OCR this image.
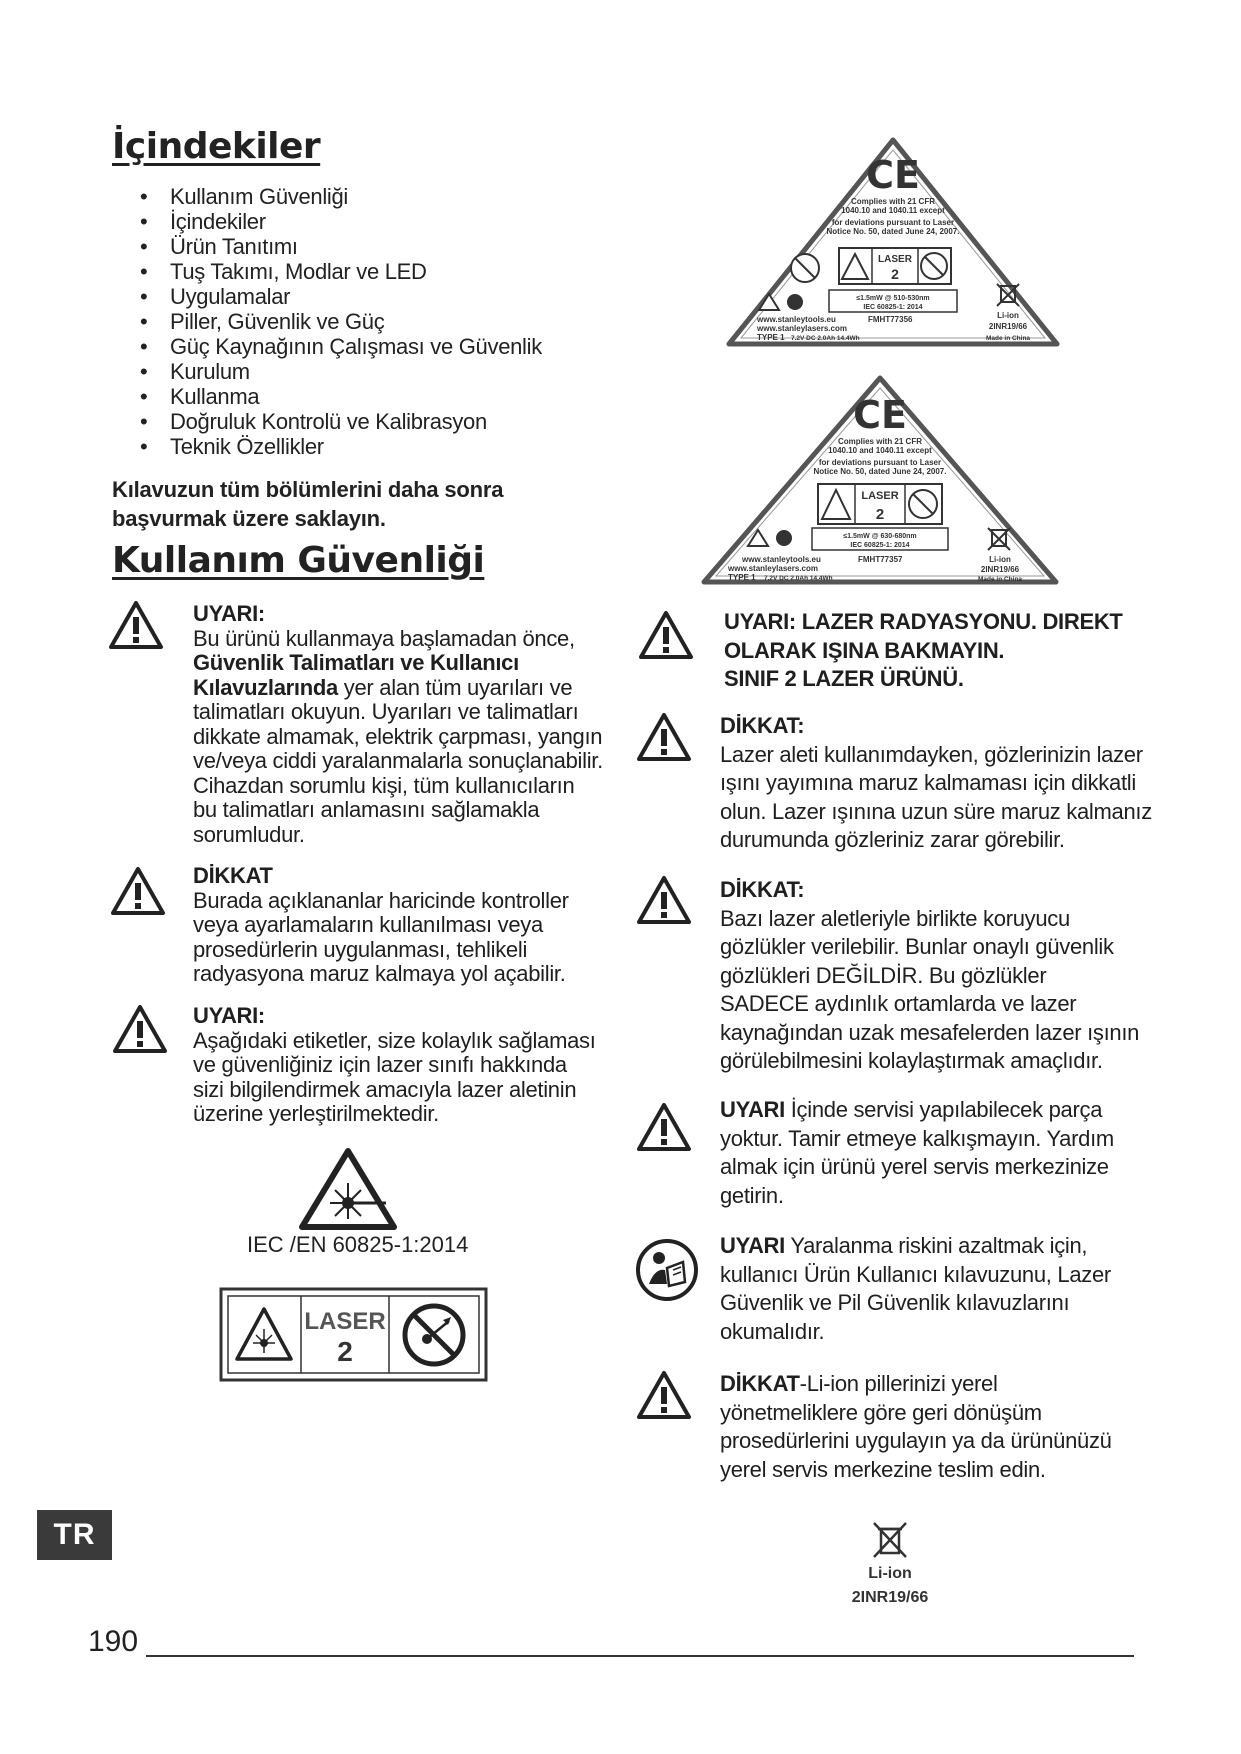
İçindekiler
• Kullanım Güvenliği
• İçindekiler
• Ürün Tanıtımı
• Tuş Takımı, Modlar ve LED
• Uygulamalar
• Piller, Güvenlik ve Güç
• Güç Kaynağının Çalışması ve Güvenlik
• Kurulum
• Kullanma
• Doğruluk Kontrolü ve Kalibrasyon
• Teknik Özellikler
Kılavuzun tüm bölümlerini daha sonra
başvurmak üzere saklayın.
Kullanım Güvenliği
UYARI:
Bu ürünü kullanmaya başlamadan önce,
Güvenlik Talimatları ve Kullanıcı
Kılavuzlarında yer alan tüm uyarıları ve
talimatları okuyun. Uyarıları ve talimatları
dikkate almamak, elektrik çarpması, yangın
ve/veya ciddi yaralanmalarla sonuçlanabilir.
Cihazdan sorumlu kişi, tüm kullanıcıların
bu talimatları anlamasını sağlamakla
sorumludur.
DİKKAT
Burada açıklananlar haricinde kontroller
veya ayarlamaların kullanılması veya
prosedürlerin uygulanması, tehlikeli
radyasyona maruz kalmaya yol açabilir.
UYARI:
Aşağıdaki etiketler, size kolaylık sağlaması
ve güvenliğiniz için lazer sınıfı hakkında
sizi bilgilendirmek amacıyla lazer aletinin
üzerine yerleştirilmektedir.
IEC /EN 60825-1:2014
LASER
2
CE
Complies with 21 CFR
1040.10 and 1040.11 except
for deviations pursuant to Laser
Notice No. 50, dated June 24, 2007.
LASER
2
≤1.5mW @ 510-530nm
IEC 60825-1: 2014
Li-ion
www.stanleytools.eu	FMHT77356
2INR19/66
www.stanleylasers.com
TYPE 1 7.2V DC 2.0Ah 14.4Wh	Made in China
CE
Complies with 21 CFR
1040.10 and 1040.11 except
for deviations pursuant to Laser
Notice No. 50, dated June 24, 2007.
LASER
2
≤1.5mW @ 630-680nm
IEC 60825-1: 2014
Li-ion
www.stanleytools.eu	FMHT77357
2INR19/66
www.stanleylasers.com
TYPE 1 7.2V DC 2.0Ah 14.4Wh	Made in China
UYARI: LAZER RADYASYONU. DIREKT
OLARAK IŞINA BAKMAYIN.
SINIF 2 LAZER ÜRÜNÜ.
DİKKAT:
Lazer aleti kullanımdayken, gözlerinizin lazer
ışını yayımına maruz kalmaması için dikkatli
olun. Lazer ışınına uzun süre maruz kalmanız
durumunda gözleriniz zarar görebilir.
DİKKAT:
Bazı lazer aletleriyle birlikte koruyucu
gözlükler verilebilir. Bunlar onaylı güvenlik
gözlükleri DEĞİLDİR. Bu gözlükler
SADECE aydınlık ortamlarda ve lazer
kaynağından uzak mesafelerden lazer ışının
görülebilmesini kolaylaştırmak amaçlıdır.
UYARI İçinde servisi yapılabilecek parça
yoktur. Tamir etmeye kalkışmayın. Yardım
almak için ürünü yerel servis merkezinize
getirin.
UYARI Yaralanma riskini azaltmak için,
kullanıcı Ürün Kullanıcı kılavuzunu, Lazer
Güvenlik ve Pil Güvenlik kılavuzlarını
okumalıdır.
DİKKAT-Li-ion pillerinizi yerel
yönetmeliklere göre geri dönüşüm
prosedürlerini uygulayın ya da ürününüzü
yerel servis merkezine teslim edin.
Li-ion
2INR19/66
TR
190
